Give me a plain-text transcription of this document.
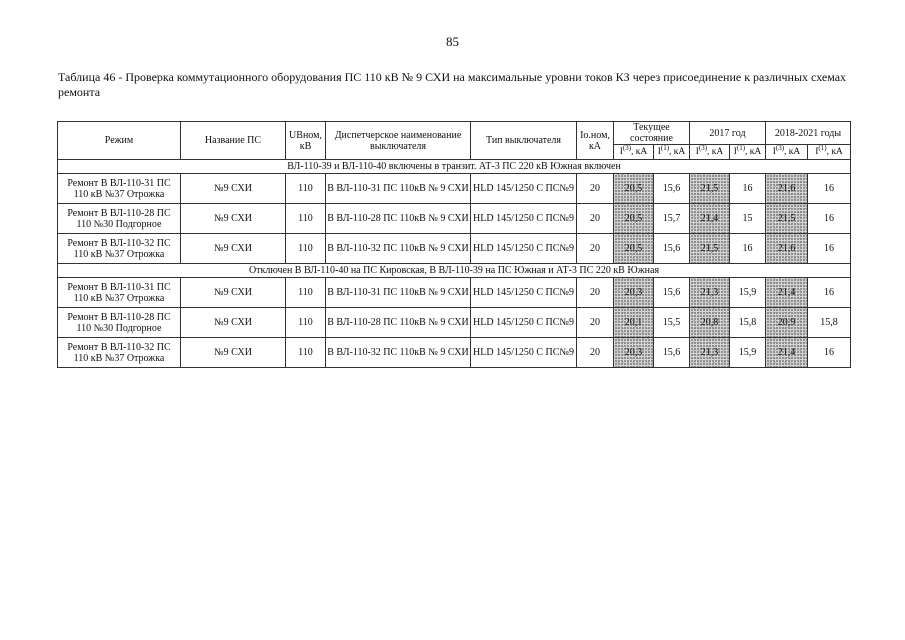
85
Таблица 46 - Проверка коммутационного оборудования ПС 110 кВ № 9 СХИ на максимальные уровни токов КЗ через присоединение к различных схемах ремонта
Режим	Название ПС	UВном, кВ	Диспетчерское наименование выключателя	Тип выключателя	Io.ном, кА	Текущее состояние		2017 год		2018-2021 годы	
						$I^{(3)}$, кА	$I^{(1)}$, кА	$I^{(3)}$, кА	$I^{(1)}$, кА	$I^{(3)}$, кА	$I^{(1)}$, кА
ВЛ-110-39 и ВЛ-110-40 включены в транзит. АТ-3 ПС 220 кВ Южная включен											
Ремонт В ВЛ-110-31 ПС 110 кВ №37 Отрожка	№9 СХИ	110	В ВЛ-110-31 ПС 110кВ № 9 СХИ	HLD 145/1250 С ПС№9	20	20,5	15,6	21,5	16	21,6	16
Ремонт В ВЛ-110-28 ПС 110 №30 Подгорное	№9 СХИ	110	В ВЛ-110-28 ПС 110кВ № 9 СХИ	HLD 145/1250 С ПС№9	20	20,5	15,7	21,4	15	21,5	16
Ремонт В ВЛ-110-32 ПС 110 кВ №37 Отрожка	№9 СХИ	110	В ВЛ-110-32 ПС 110кВ № 9 СХИ	HLD 145/1250 С ПС№9	20	20,5	15,6	21,5	16	21,6	16
Отключен В ВЛ-110-40 на ПС Кировская, В ВЛ-110-39 на ПС Южная и АТ-3 ПС 220 кВ Южная											
Ремонт В ВЛ-110-31 ПС 110 кВ №37 Отрожка	№9 СХИ	110	В ВЛ-110-31 ПС 110кВ № 9 СХИ	HLD 145/1250 С ПС№9	20	20,3	15,6	21,3	15,9	21,4	16
Ремонт В ВЛ-110-28 ПС 110 №30 Подгорное	№9 СХИ	110	В ВЛ-110-28 ПС 110кВ № 9 СХИ	HLD 145/1250 С ПС№9	20	20,1	15,5	20,8	15,8	20,9	15,8
Ремонт В ВЛ-110-32 ПС 110 кВ №37 Отрожка	№9 СХИ	110	В ВЛ-110-32 ПС 110кВ № 9 СХИ	HLD 145/1250 С ПС№9	20	20,3	15,6	21,3	15,9	21,4	16
